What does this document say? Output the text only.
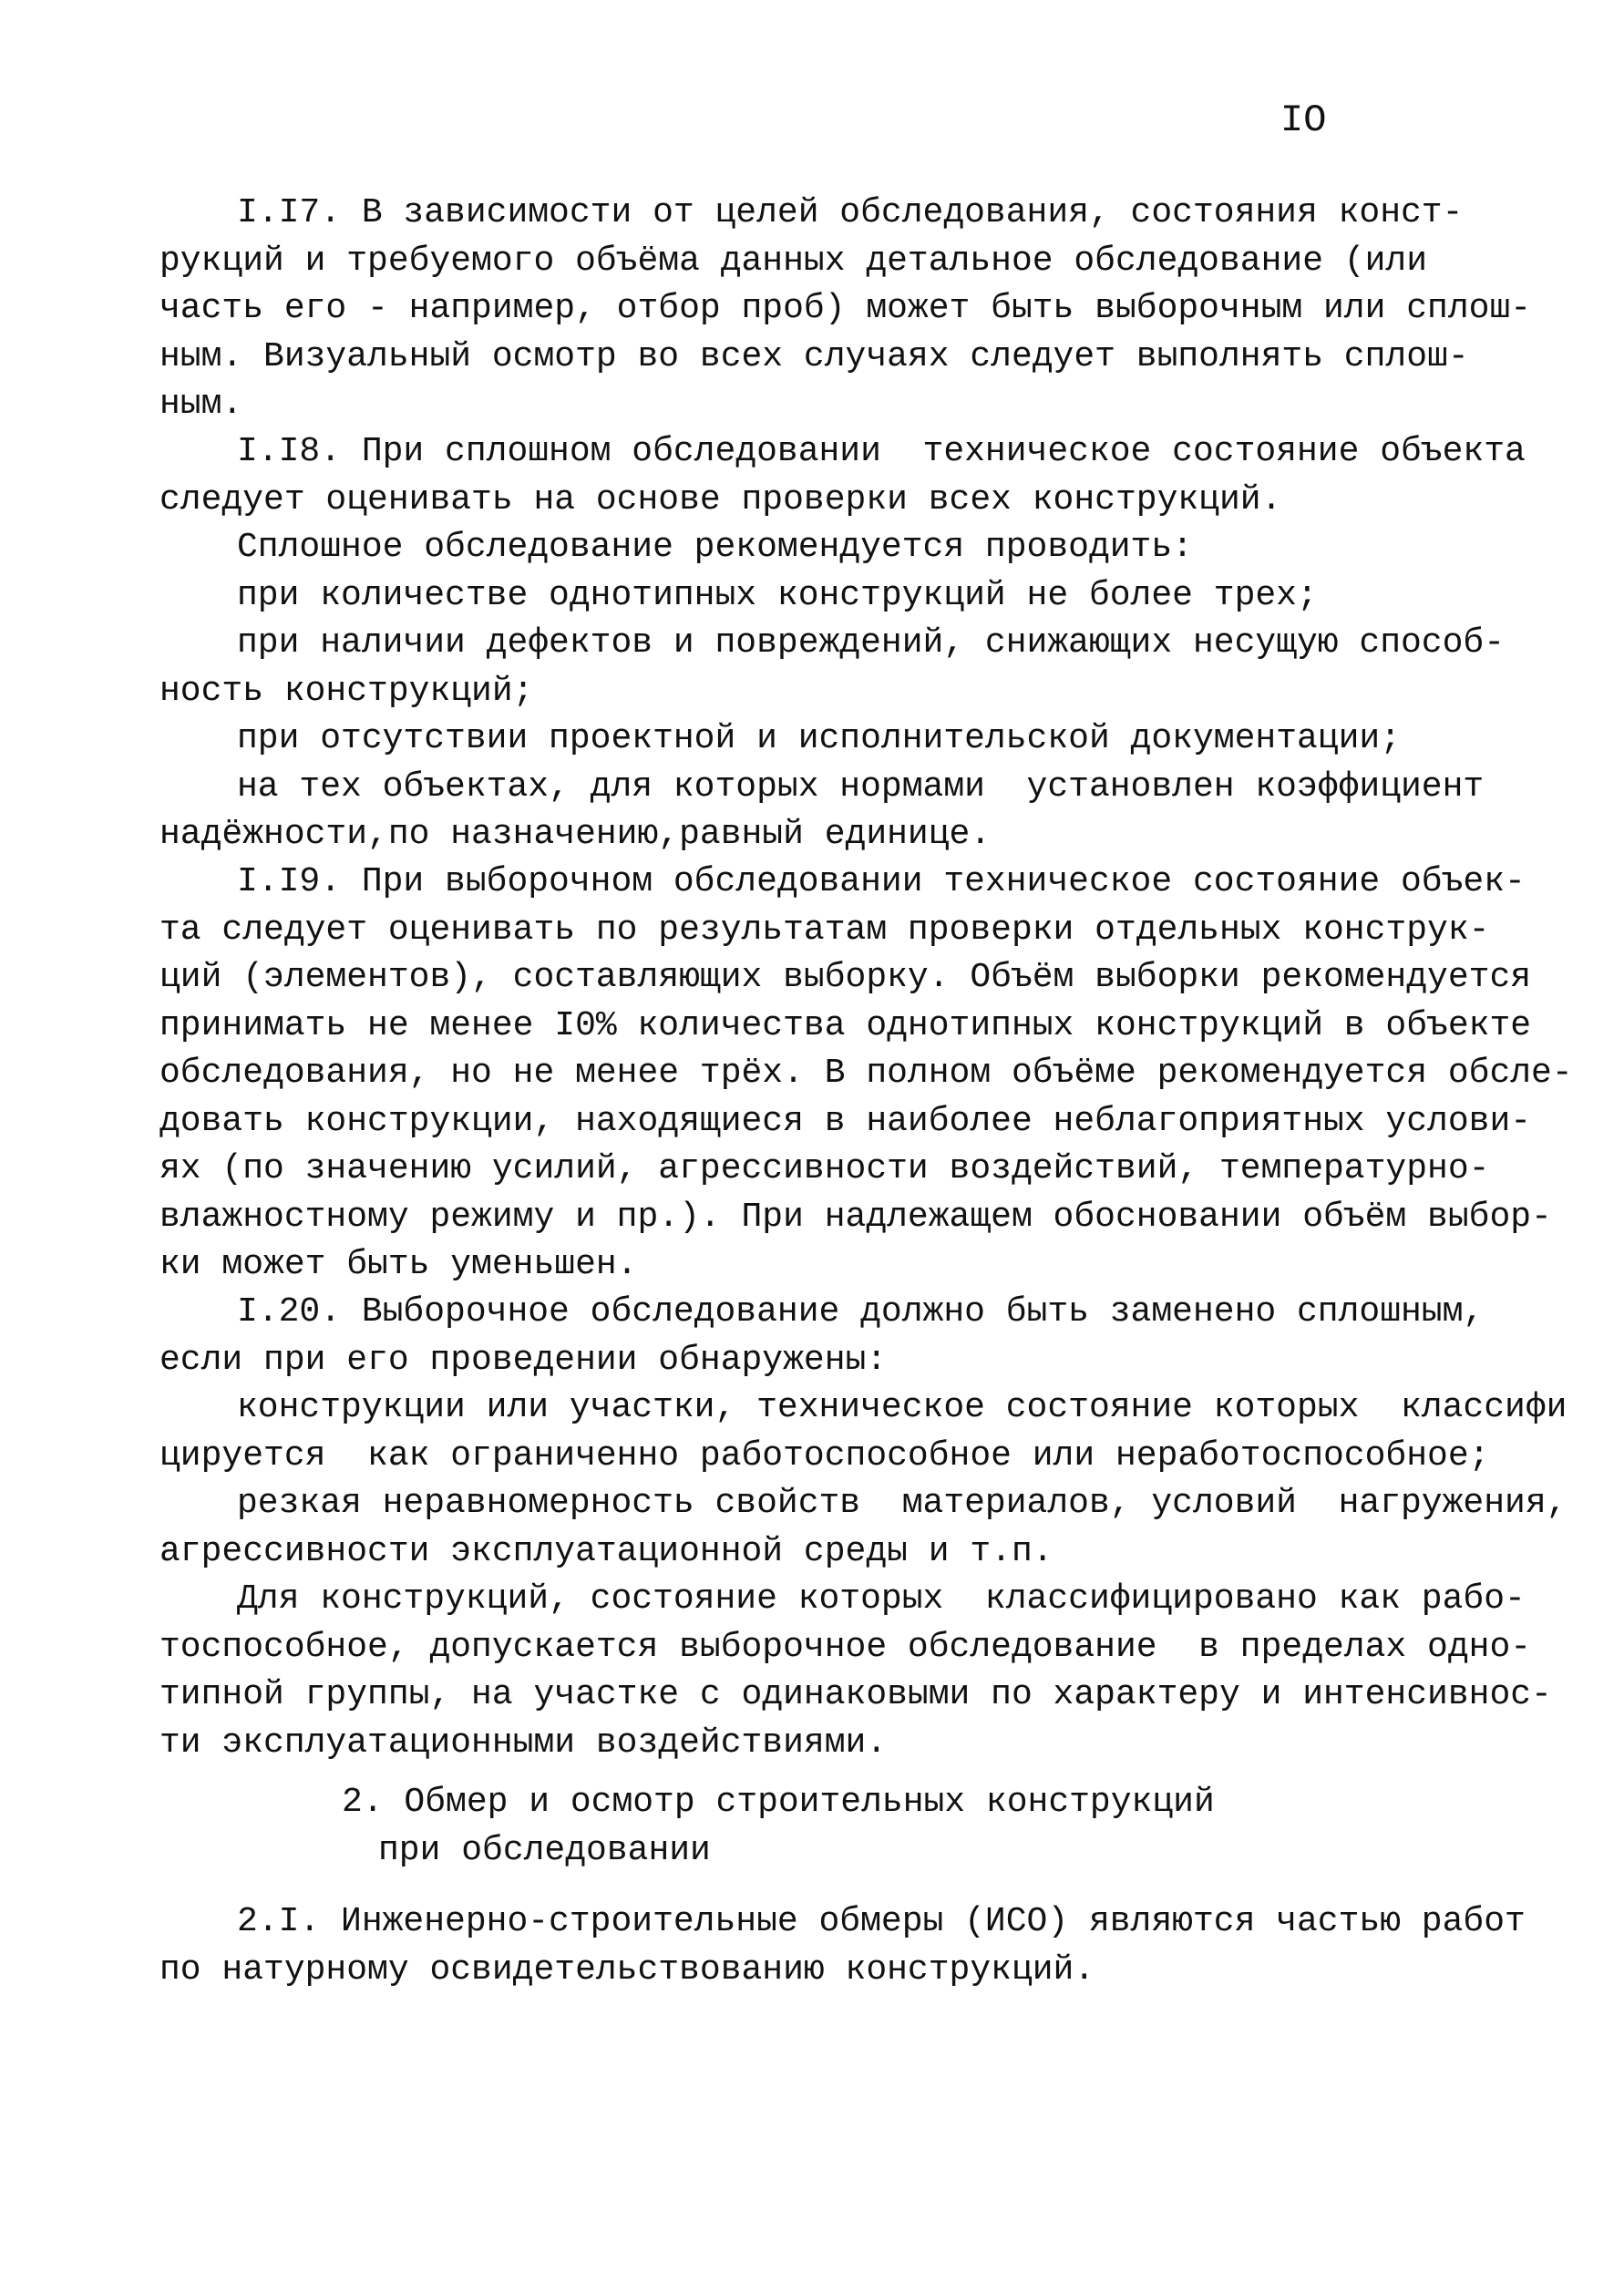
IO
I.I7. В зависимости от целей обследования, состояния конст-
рукций и требуемого объёма данных детальное обследование (или
часть его - например, отбор проб) может быть выборочным или сплош-
ным. Визуальный осмотр во всех случаях следует выполнять сплош-
ным.
I.I8. При сплошном обследовании  техническое состояние объекта
следует оценивать на основе проверки всех конструкций.
Сплошное обследование рекомендуется проводить:
при количестве однотипных конструкций не более трех;
при наличии дефектов и повреждений, снижающих несущую способ-
ность конструкций;
при отсутствии проектной и исполнительской документации;
на тех объектах, для которых нормами  установлен коэффициент
надёжности,по назначению,равный единице.
I.I9. При выборочном обследовании техническое состояние объек-
та следует оценивать по результатам проверки отдельных конструк-
ций (элементов), составляющих выборку. Объём выборки рекомендуется
принимать не менее I0% количества однотипных конструкций в объекте
обследования, но не менее трёх. В полном объёме рекомендуется обсле-
довать конструкции, находящиеся в наиболее неблагоприятных услови-
ях (по значению усилий, агрессивности воздействий, температурно-
влажностному режиму и пр.). При надлежащем обосновании объём выбор-
ки может быть уменьшен.
I.20. Выборочное обследование должно быть заменено сплошным,
если при его проведении обнаружены:
конструкции или участки, техническое состояние которых  классифи
цируется  как ограниченно работоспособное или неработоспособное;
резкая неравномерность свойств  материалов, условий  нагружения,
агрессивности эксплуатационной среды и т.п.
Для конструкций, состояние которых  классифицировано как рабо-
тоспособное, допускается выборочное обследование  в пределах одно-
типной группы, на участке с одинаковыми по характеру и интенсивнос-
ти эксплуатационными воздействиями.
2. Обмер и осмотр строительных конструкций
при обследовании
2.I. Инженерно-строительные обмеры (ИСО) являются частью работ
по натурному освидетельствованию конструкций.
